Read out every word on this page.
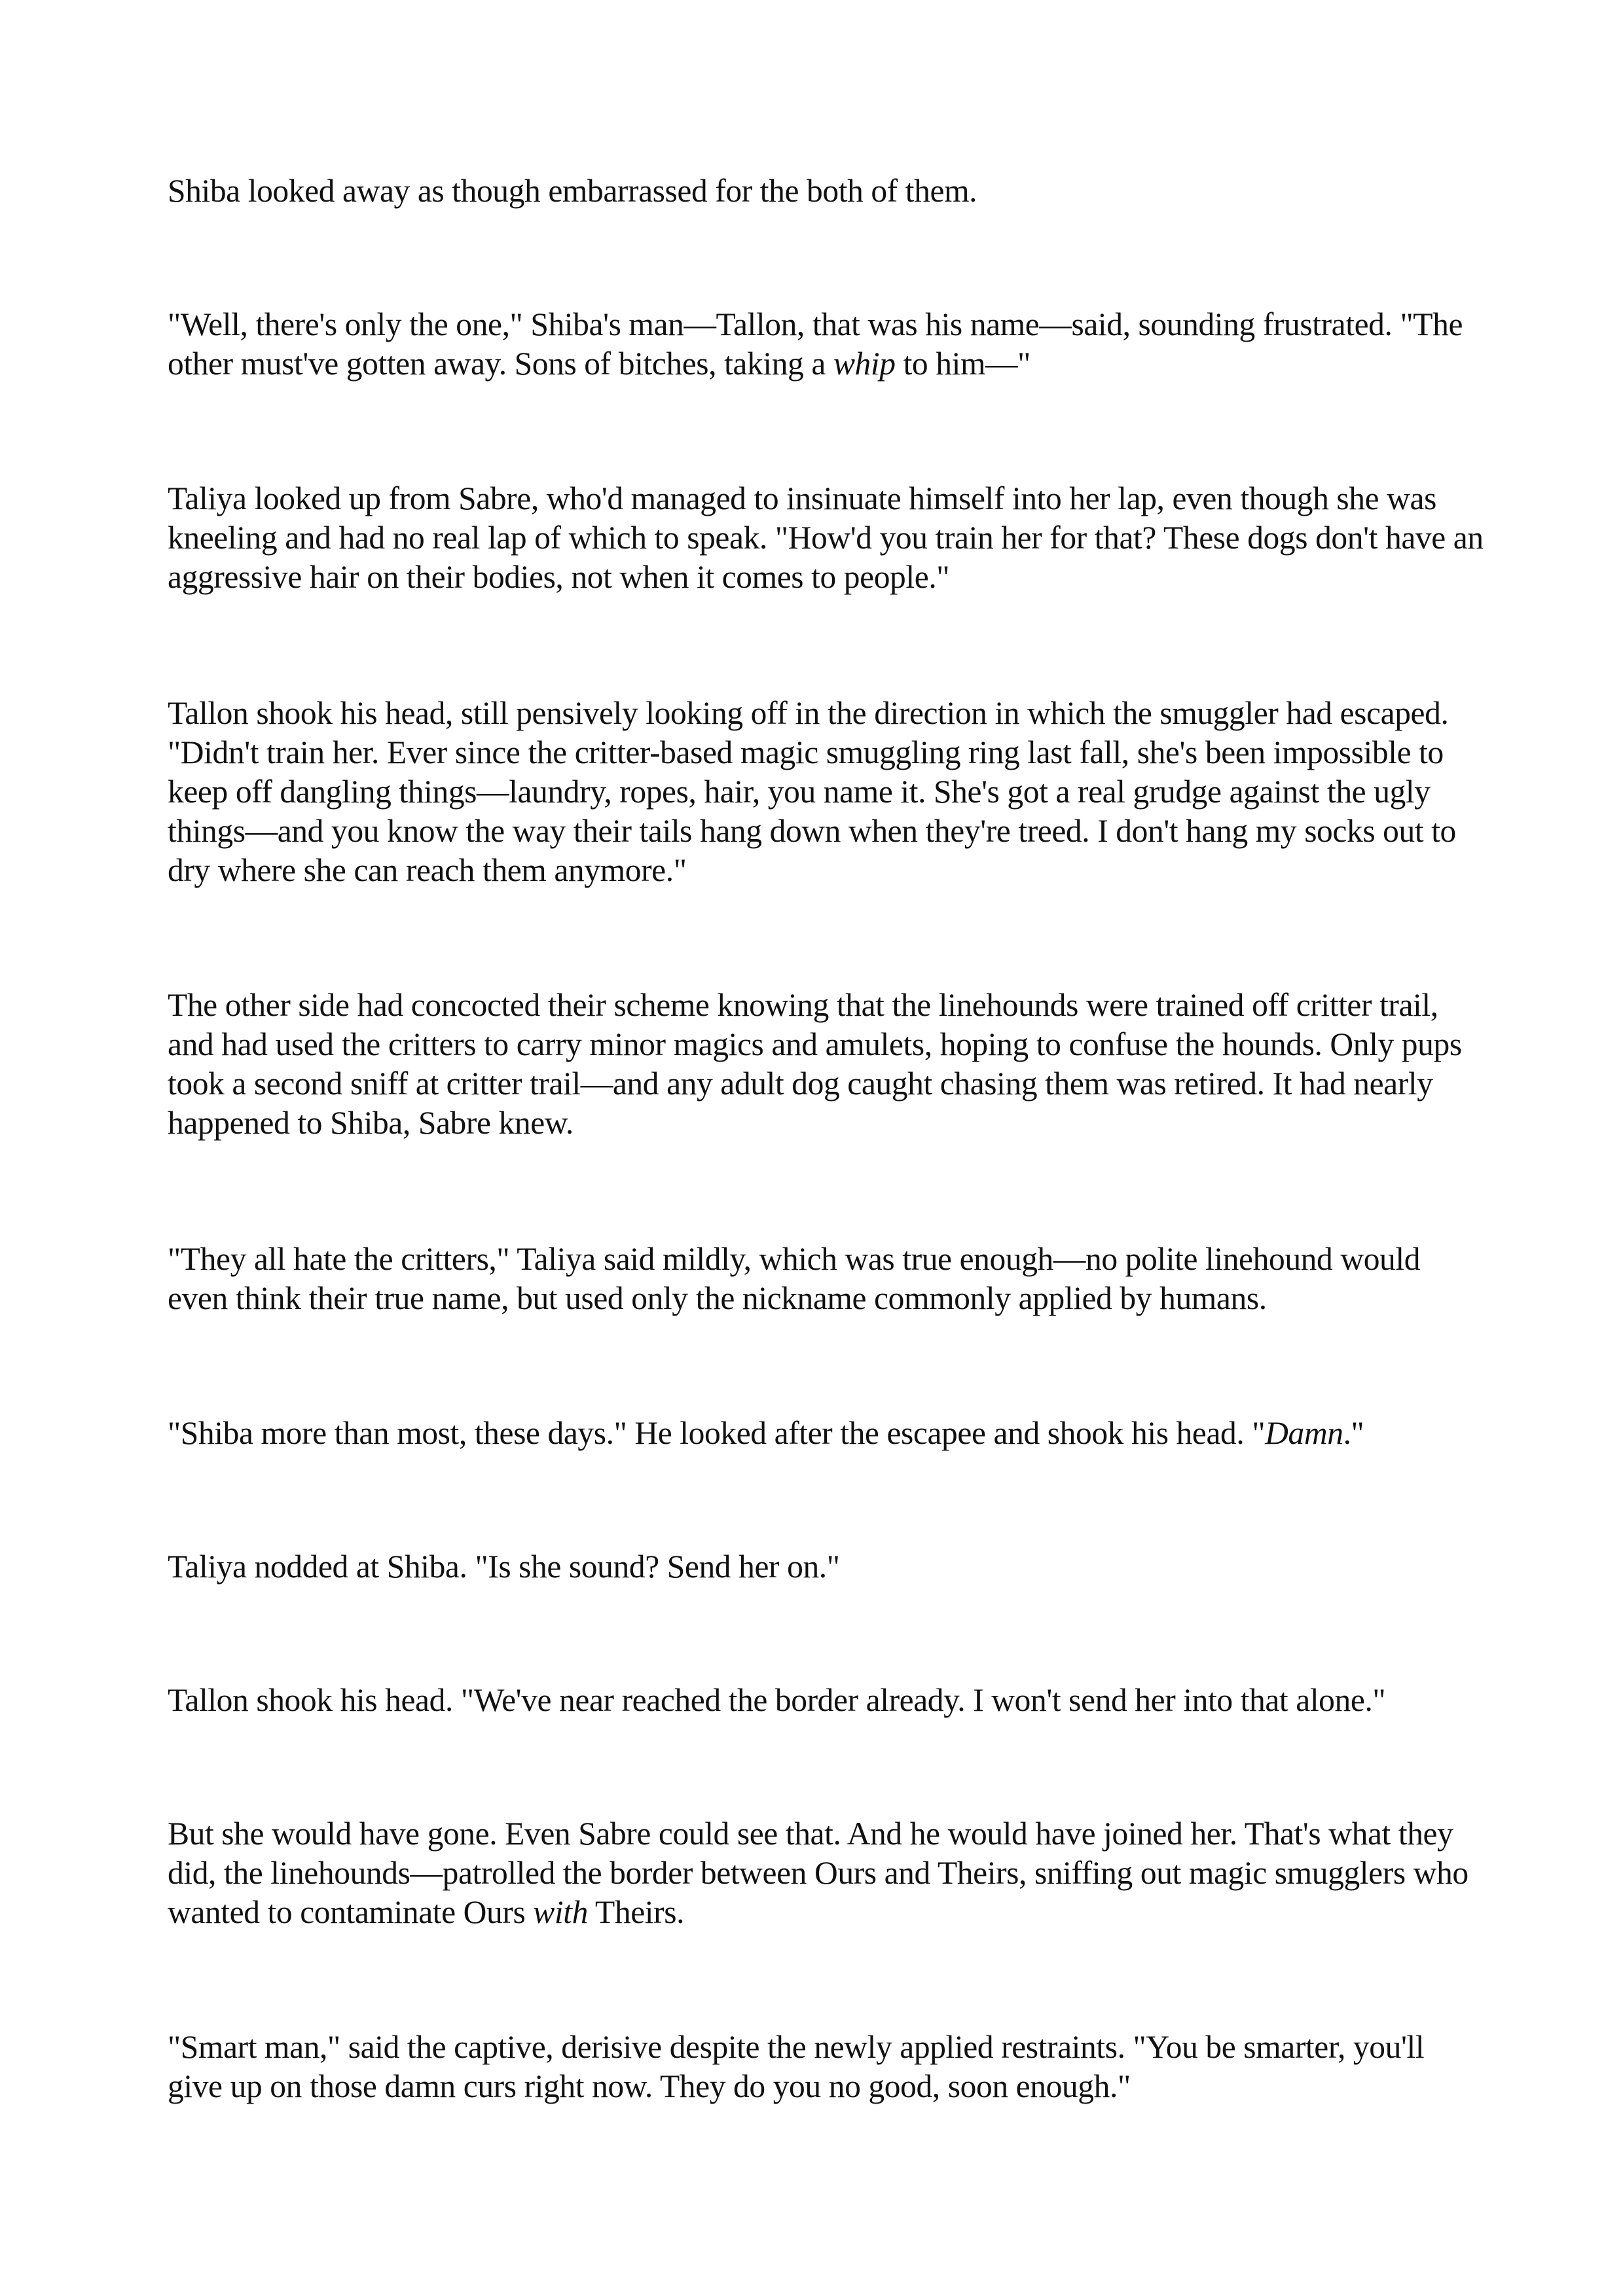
Shiba looked away as though embarrassed for the both of them.

"Well, there's only the one," Shiba's man—Tallon, that was his name—said, sounding frustrated. "The other must've gotten away. Sons of bitches, taking a whip to him—"

Taliya looked up from Sabre, who'd managed to insinuate himself into her lap, even though she was kneeling and had no real lap of which to speak. "How'd you train her for that? These dogs don't have an aggressive hair on their bodies, not when it comes to people."

Tallon shook his head, still pensively looking off in the direction in which the smuggler had escaped. "Didn't train her. Ever since the critter-based magic smuggling ring last fall, she's been impossible to keep off dangling things—laundry, ropes, hair, you name it. She's got a real grudge against the ugly things—and you know the way their tails hang down when they're treed. I don't hang my socks out to dry where she can reach them anymore."

The other side had concocted their scheme knowing that the linehounds were trained off critter trail, and had used the critters to carry minor magics and amulets, hoping to confuse the hounds. Only pups took a second sniff at critter trail—and any adult dog caught chasing them was retired. It had nearly happened to Shiba, Sabre knew.

"They all hate the critters," Taliya said mildly, which was true enough—no polite linehound would even think their true name, but used only the nickname commonly applied by humans.

"Shiba more than most, these days." He looked after the escapee and shook his head. "Damn."

Taliya nodded at Shiba. "Is she sound? Send her on."

Tallon shook his head. "We've near reached the border already. I won't send her into that alone."

But she would have gone. Even Sabre could see that. And he would have joined her. That's what they did, the linehounds—patrolled the border between Ours and Theirs, sniffing out magic smugglers who wanted to contaminate Ours with Theirs.

"Smart man," said the captive, derisive despite the newly applied restraints. "You be smarter, you'll give up on those damn curs right now. They do you no good, soon enough."
